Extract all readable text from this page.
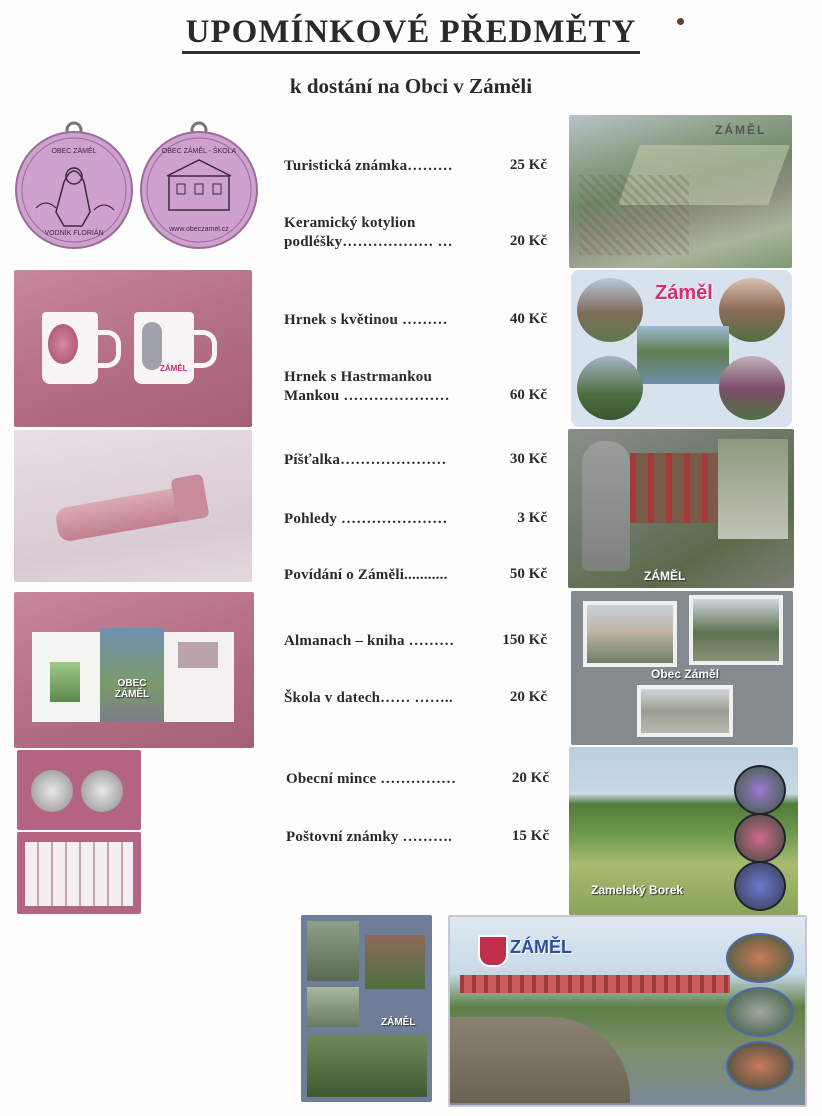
UPOMÍNKOVÉ PŘEDMĚTY
k dostání na Obci v Záměli
OBEC ZÁMĚL
VODNÍK FLORIÁN
OBEC ZÁMĚL - ŠKOLA
www.obeczamel.cz
ZÁMĚL
OBEC ZÁMĚL
Turistická známka………	25 Kč
Keramický kotylion
podléšky……………… …	20 Kč
Hrnek s květinou ………	40 Kč
Hrnek s Hastrmankou
Mankou …………………	60 Kč
Píšťalka…………………	30 Kč
Pohledy …………………	3 Kč
Povídání o Záměli...........	50 Kč
Almanach – kniha ………	150 Kč
Škola v datech…… ……..	20 Kč
Obecní mince ……………	20 Kč
Poštovní známky ……….	15 Kč
ZÁMĚL
Záměl
ZÁMĚL
Obec Záměl
Zamelský Borek
ZÁMĚL
ZÁMĚL
